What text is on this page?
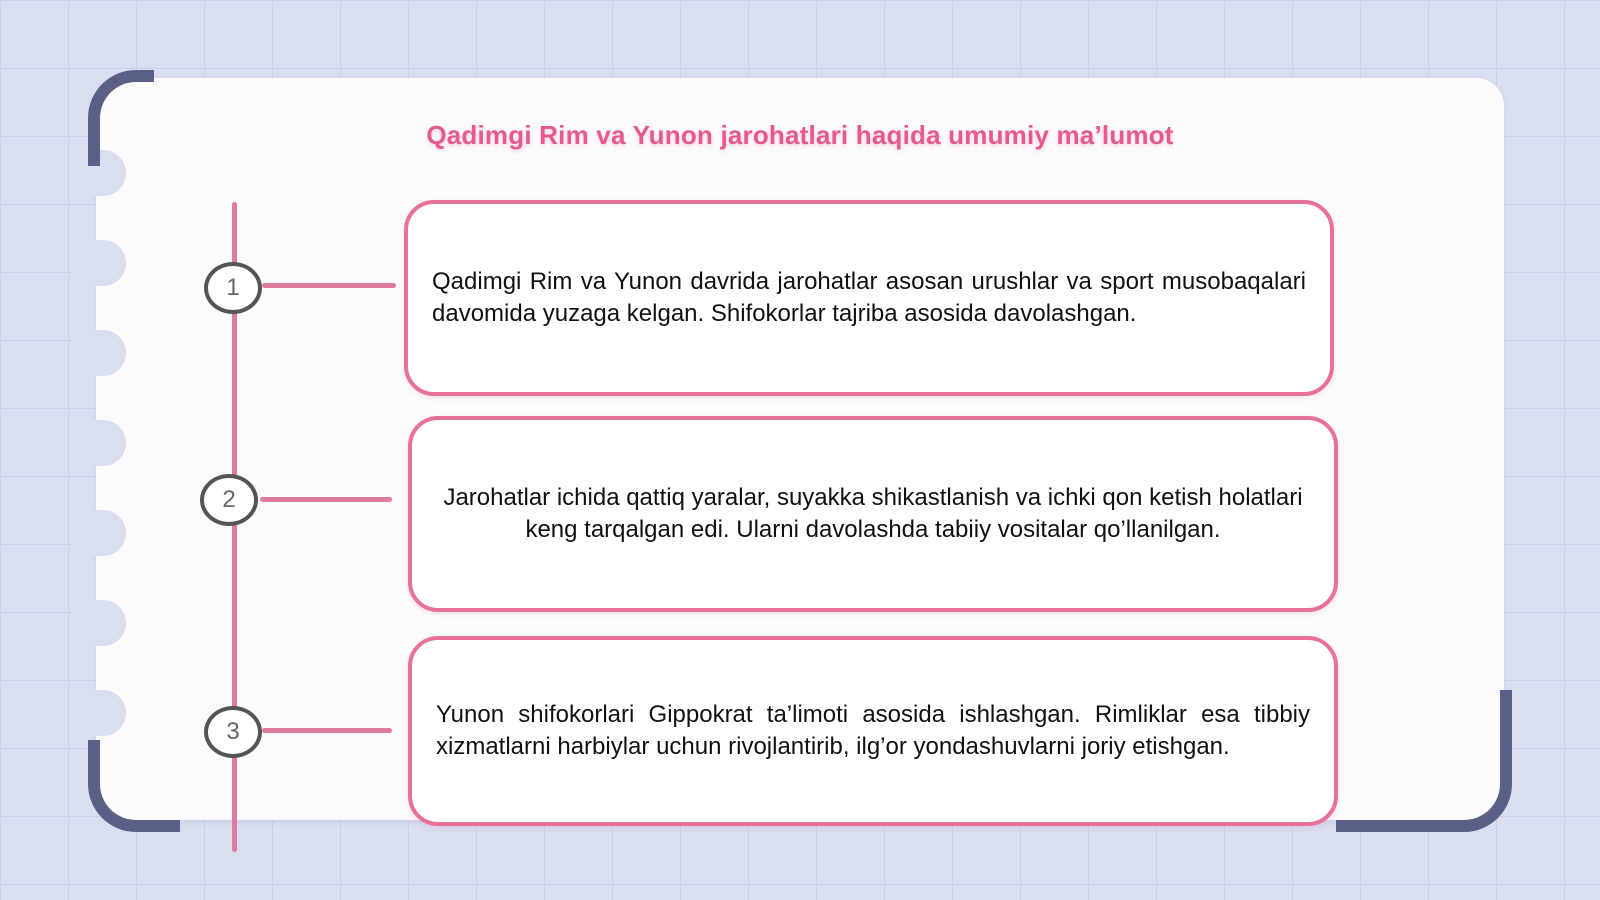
Qadimgi Rim va Yunon jarohatlari haqida umumiy ma’lumot
1	Qadimgi Rim va Yunon davrida jarohatlar asosan urushlar va sport musobaqalari davomida yuzaga kelgan. Shifokorlar tajriba asosida davolashgan.
2	Jarohatlar ichida qattiq yaralar, suyakka shikastlanish va ichki qon ketish holatlari keng tarqalgan edi. Ularni davolashda tabiiy vositalar qo’llanilgan.
3
Yunon shifokorlari Gippokrat ta’limoti asosida ishlashgan. Rimliklar esa tibbiy xizmatlarni harbiylar uchun rivojlantirib, ilg’or yondashuvlarni joriy etishgan.
